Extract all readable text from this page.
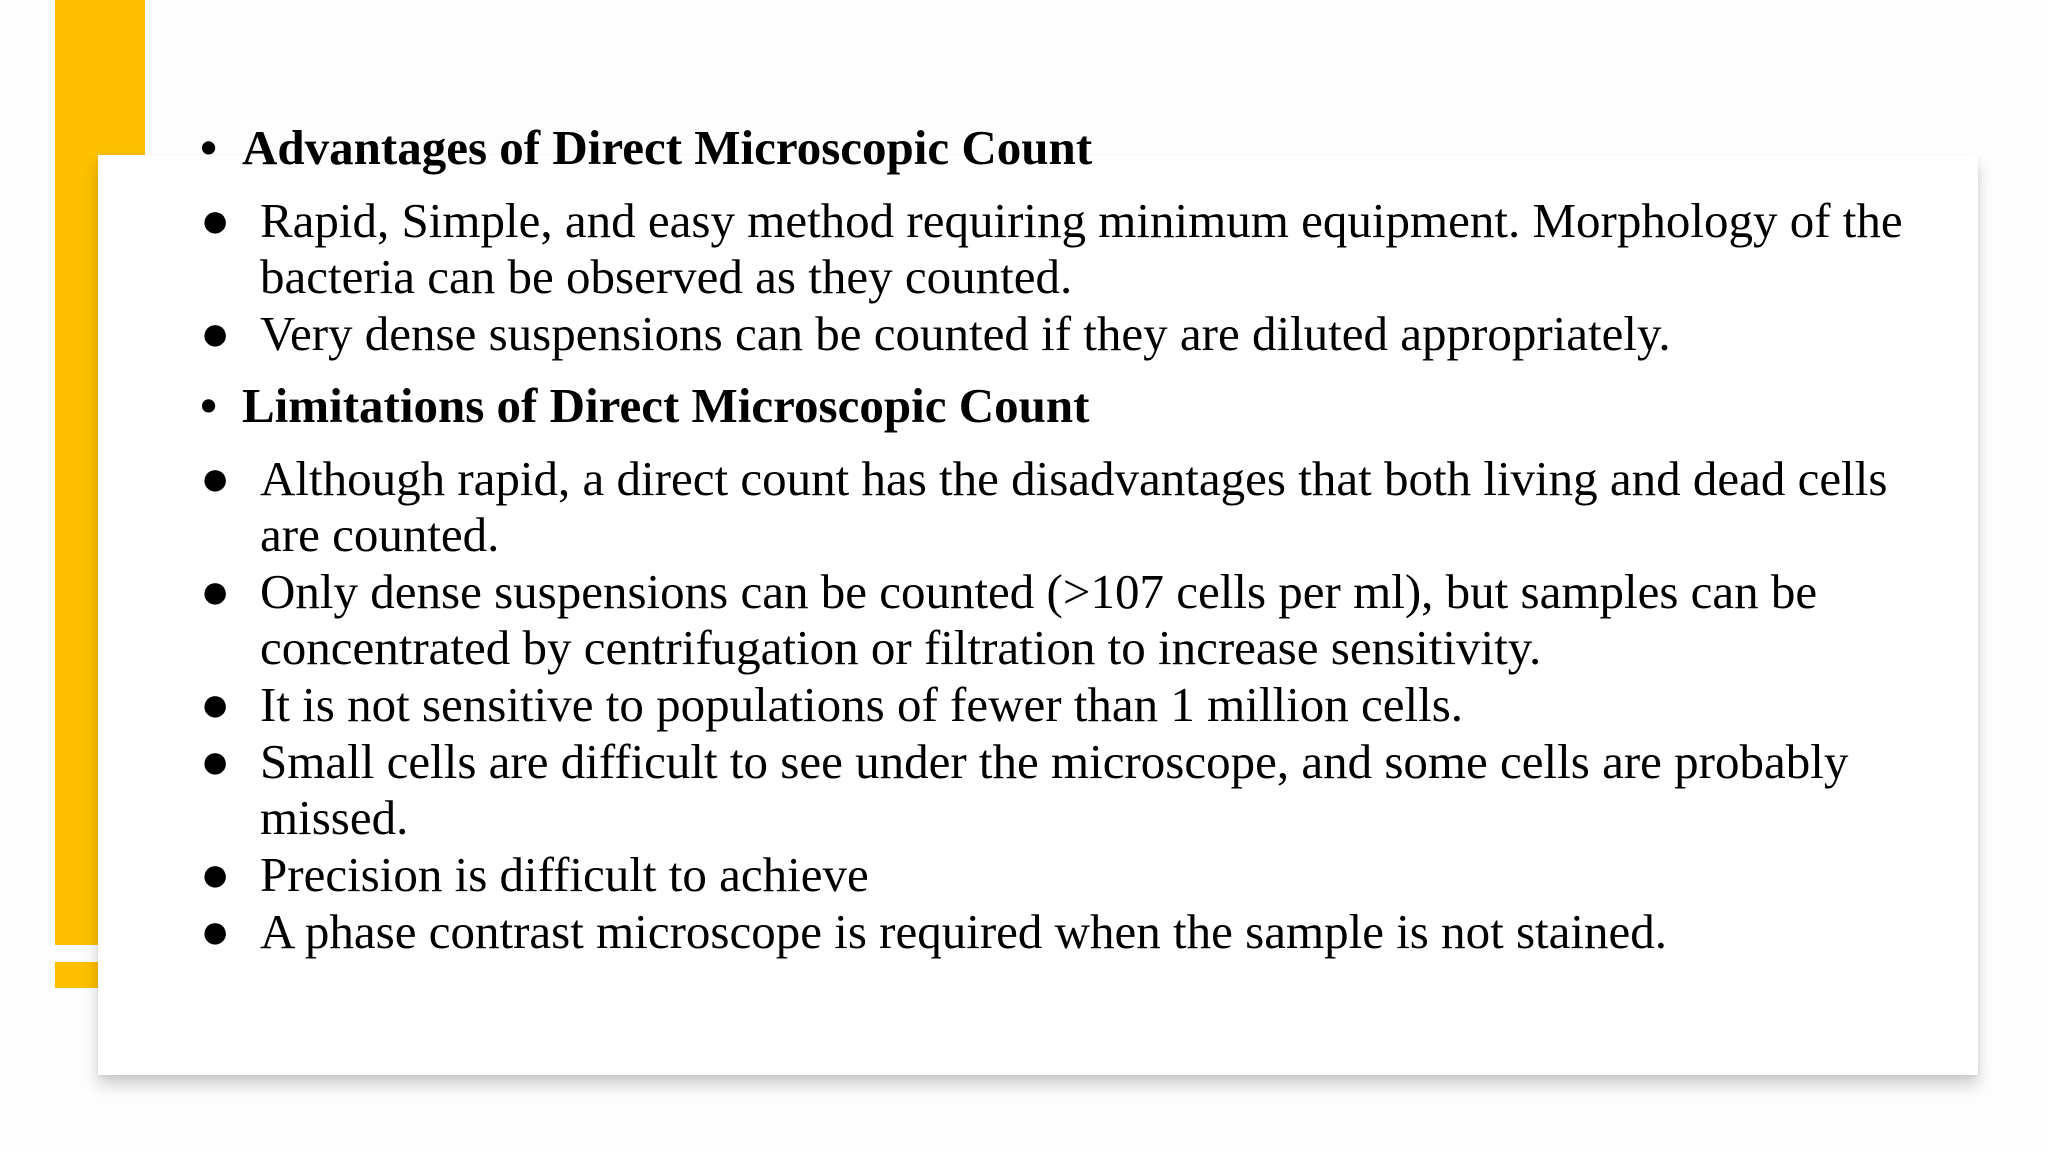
• Advantages of Direct Microscopic Count
● Rapid, Simple, and easy method requiring minimum equipment. Morphology of the bacteria can be observed as they counted.
● Very dense suspensions can be counted if they are diluted appropriately.
• Limitations of Direct Microscopic Count
● Although rapid, a direct count has the disadvantages that both living and dead cells are counted.
● Only dense suspensions can be counted (>107 cells per ml), but samples can be concentrated by centrifugation or filtration to increase sensitivity.
● It is not sensitive to populations of fewer than 1 million cells.
● Small cells are difficult to see under the microscope, and some cells are probably missed.
● Precision is difficult to achieve
● A phase contrast microscope is required when the sample is not stained.
